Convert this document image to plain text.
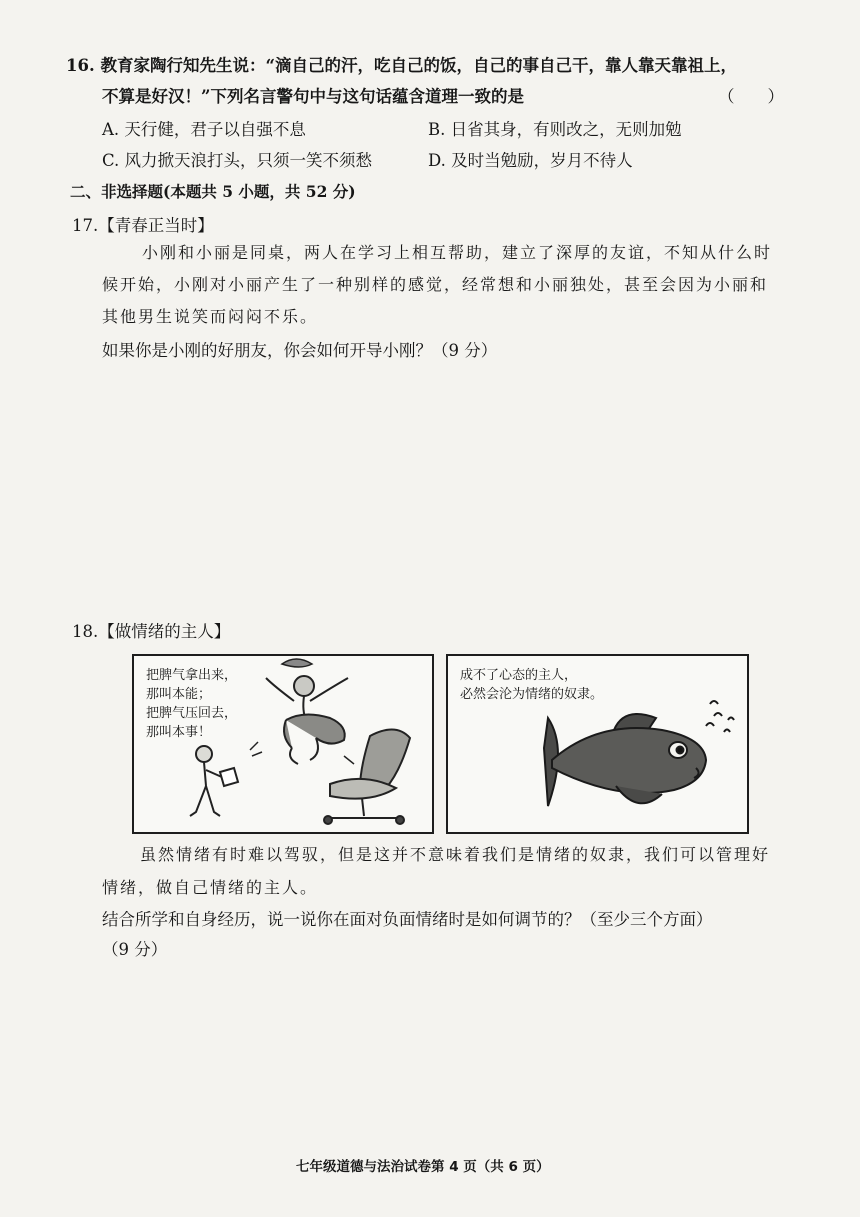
16. 教育家陶行知先生说：“滴自己的汗，吃自己的饭，自己的事自己干，靠人靠天靠祖上，
不算是好汉！”下列名言警句中与这句话蕴含道理一致的是	（　　）
A. 天行健，君子以自强不息	B. 日省其身，有则改之，无则加勉
C. 风力掀天浪打头，只须一笑不须愁	D. 及时当勉励，岁月不待人
二、非选择题(本题共 5 小题，共 52 分)
17.【青春正当时】
小刚和小丽是同桌，两人在学习上相互帮助，建立了深厚的友谊，不知从什么时
候开始，小刚对小丽产生了一种别样的感觉，经常想和小丽独处，甚至会因为小丽和
其他男生说笑而闷闷不乐。
如果你是小刚的好朋友，你会如何开导小刚？（9 分）
18.【做情绪的主人】
把脾气拿出来，
那叫本能；
把脾气压回去，
那叫本事！
成不了心态的主人，
必然会沦为情绪的奴隶。
虽然情绪有时难以驾驭，但是这并不意味着我们是情绪的奴隶，我们可以管理好
情绪，做自己情绪的主人。
结合所学和自身经历，说一说你在面对负面情绪时是如何调节的？（至少三个方面）
（9 分）
七年级道德与法治试卷第 4 页（共 6 页）
